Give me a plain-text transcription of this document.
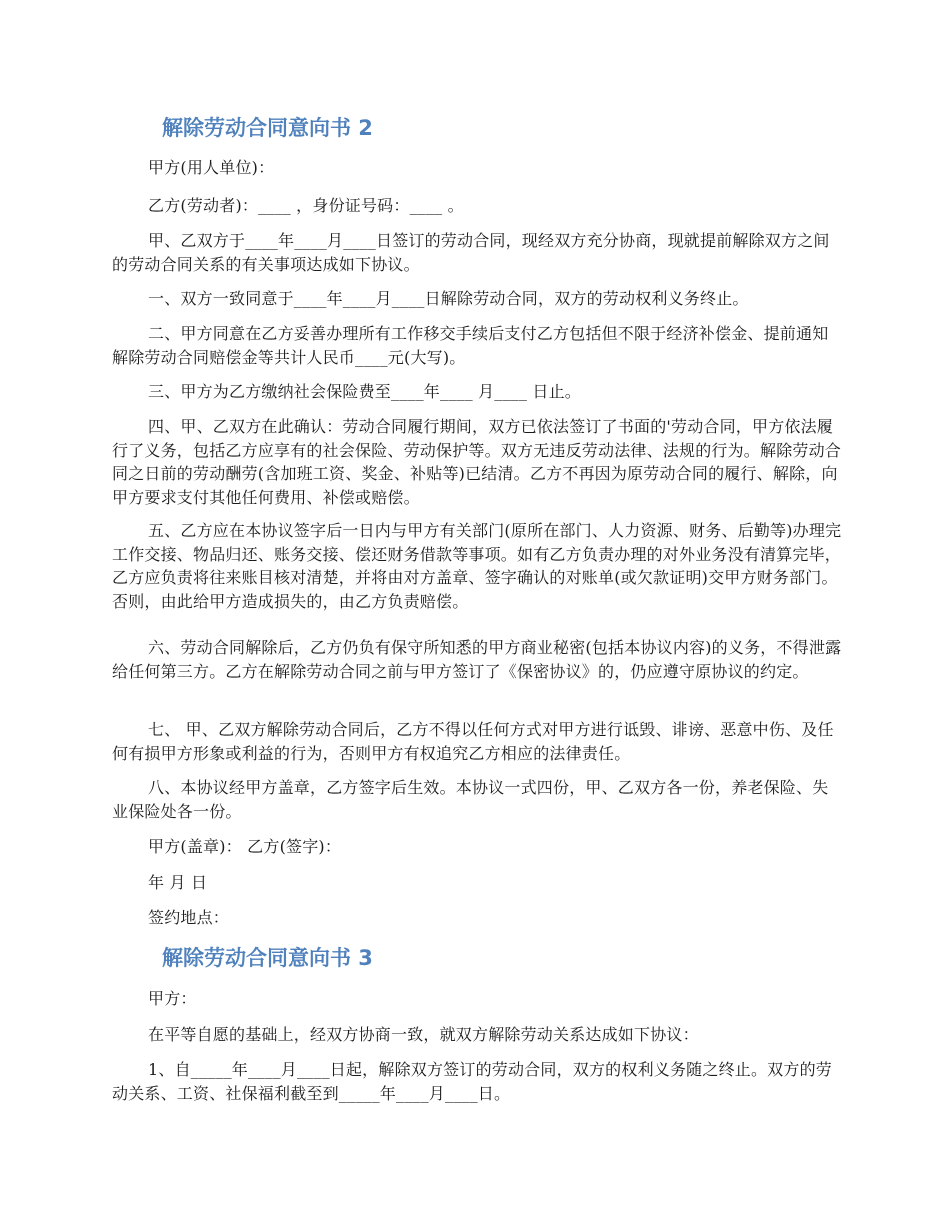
解除劳动合同意向书 2

甲方(用人单位)：

乙方(劳动者)：____ ，身份证号码：____ 。

甲、乙双方于____年____月____日签订的劳动合同，现经双方充分协商，现就提前解除双方之间的劳动合同关系的有关事项达成如下协议。

一、双方一致同意于____年____月____日解除劳动合同，双方的劳动权利义务终止。

二、甲方同意在乙方妥善办理所有工作移交手续后支付乙方包括但不限于经济补偿金、提前通知解除劳动合同赔偿金等共计人民币____元(大写)。

三、甲方为乙方缴纳社会保险费至____年____ 月____ 日止。

四、甲、乙双方在此确认：劳动合同履行期间，双方已依法签订了书面的'劳动合同，甲方依法履行了义务，包括乙方应享有的社会保险、劳动保护等。双方无违反劳动法律、法规的行为。解除劳动合同之日前的劳动酬劳(含加班工资、奖金、补贴等)已结清。乙方不再因为原劳动合同的履行、解除，向甲方要求支付其他任何费用、补偿或赔偿。

五、乙方应在本协议签字后一日内与甲方有关部门(原所在部门、人力资源、财务、后勤等)办理完工作交接、物品归还、账务交接、偿还财务借款等事项。如有乙方负责办理的对外业务没有清算完毕，乙方应负责将往来账目核对清楚，并将由对方盖章、签字确认的对账单(或欠款证明)交甲方财务部门。否则，由此给甲方造成损失的，由乙方负责赔偿。

六、劳动合同解除后，乙方仍负有保守所知悉的甲方商业秘密(包括本协议内容)的义务，不得泄露给任何第三方。乙方在解除劳动合同之前与甲方签订了《保密协议》的，仍应遵守原协议的约定。

七、 甲、乙双方解除劳动合同后，乙方不得以任何方式对甲方进行诋毁、诽谤、恶意中伤、及任何有损甲方形象或利益的行为，否则甲方有权追究乙方相应的法律责任。

八、本协议经甲方盖章，乙方签字后生效。本协议一式四份，甲、乙双方各一份，养老保险、失业保险处各一份。

甲方(盖章)： 乙方(签字)：

年 月 日

签约地点：

解除劳动合同意向书 3

甲方：

在平等自愿的基础上，经双方协商一致，就双方解除劳动关系达成如下协议：

1、自_____年____月____日起，解除双方签订的劳动合同，双方的权利义务随之终止。双方的劳动关系、工资、社保福利截至到_____年____月____日。
